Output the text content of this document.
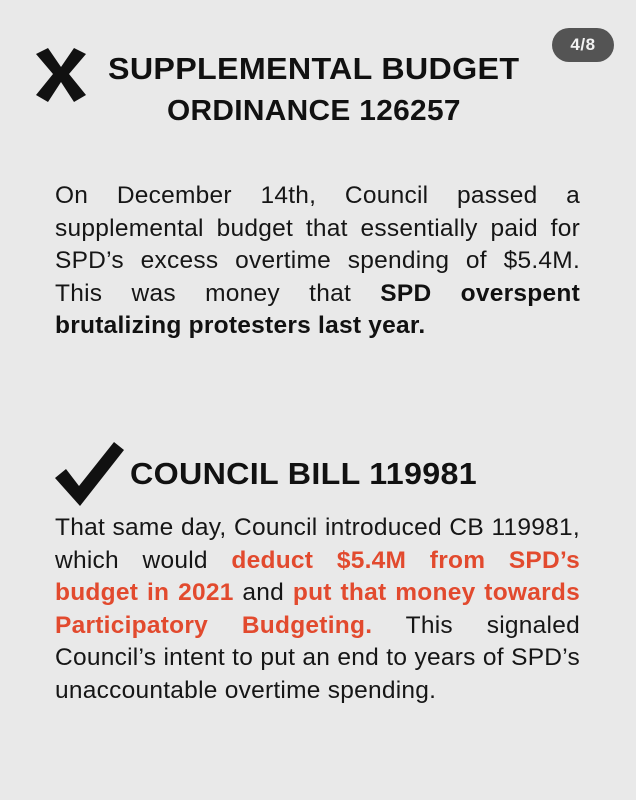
4/8
SUPPLEMENTAL BUDGET
ORDINANCE 126257

On December 14th, Council passed a supplemental budget that essentially paid for SPD’s excess overtime spending of $5.4M. This was money that SPD overspent brutalizing protesters last year.

COUNCIL BILL 119981

That same day, Council introduced CB 119981, which would deduct $5.4M from SPD’s budget in 2021 and put that money towards Participatory Budgeting. This signaled Council’s intent to put an end to years of SPD’s unaccountable overtime spending.
